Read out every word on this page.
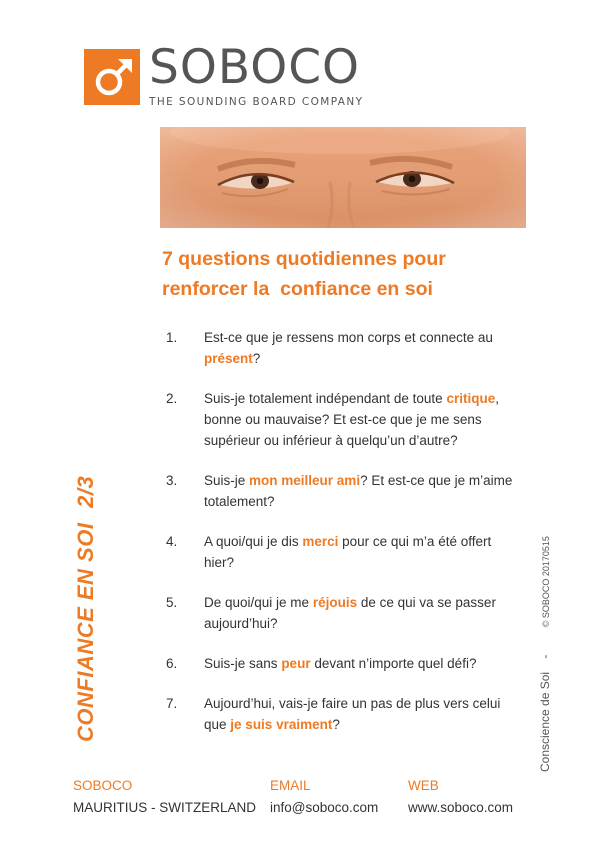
SOBOCO
THE SOUNDING BOARD COMPANY
7 questions quotidiennes pour
renforcer la  confiance en soi
1. Est-ce que je ressens mon corps et connecte au présent?
2. Suis-je totalement indépendant de toute critique, bonne ou mauvaise? Et est-ce que je me sens supérieur ou inférieur à quelqu’un d’autre?
3. Suis-je mon meilleur ami? Et est-ce que je m’aime totalement?
4. A quoi/qui je dis merci pour ce qui m’a été offert hier?
5. De quoi/qui je me réjouis de ce qui va se passer aujourd’hui?
6. Suis-je sans peur devant n’importe quel défi?
7. Aujourd’hui, vais-je faire un pas de plus vers celui que je suis vraiment?
CONFIANCE EN SOI 2/3
Conscience de Soi - © SOBOCO 20170515
SOBOCO
MAURITIUS - SWITZERLAND
EMAIL
info@soboco.com
WEB
www.soboco.com
